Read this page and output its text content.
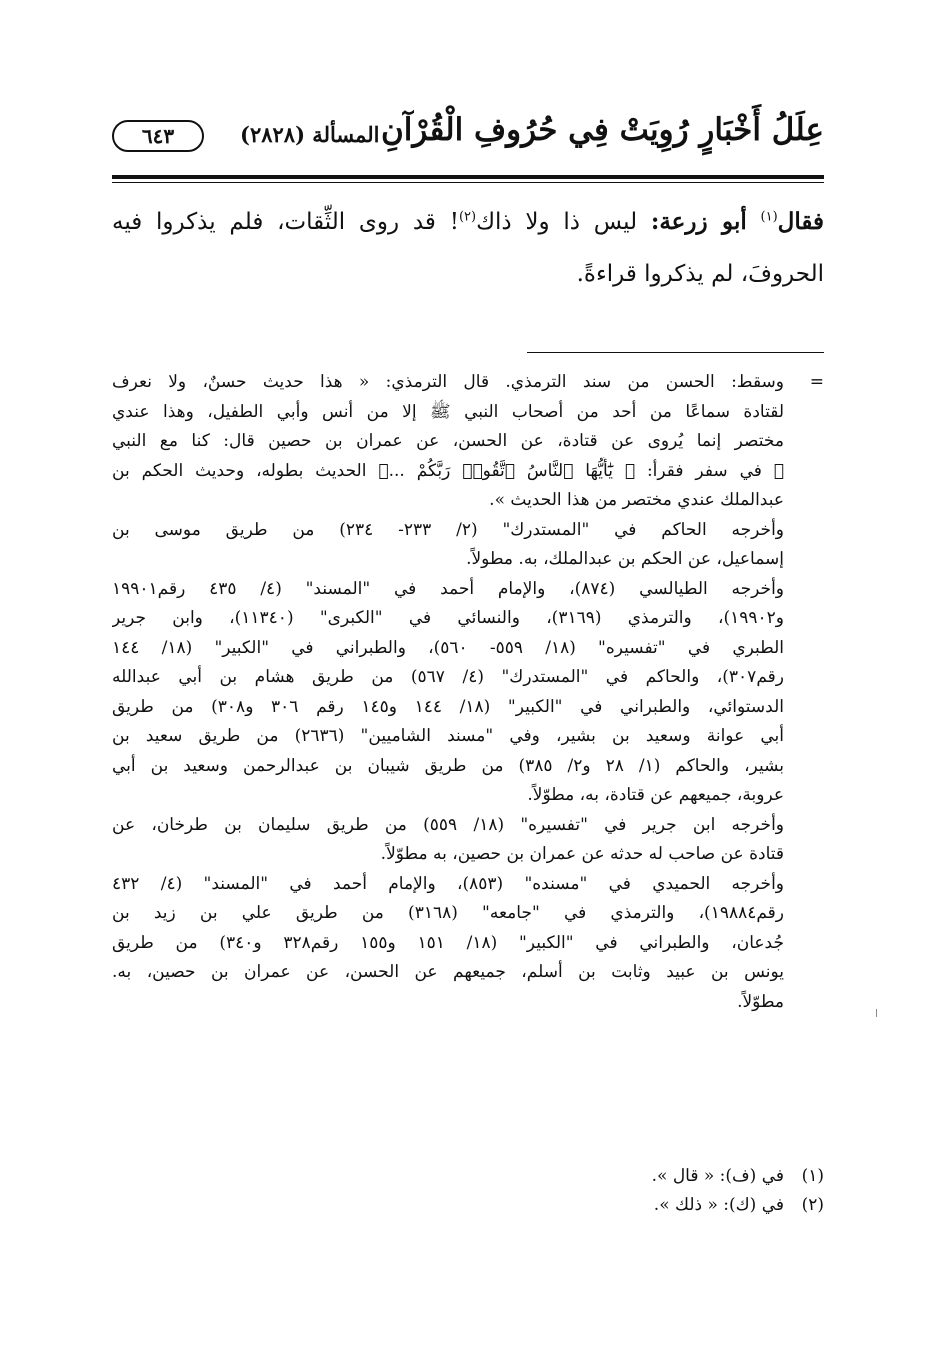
عِلَلُ أَخْبَارٍ رُوِيَتْ فِي حُرُوفِ الْقُرْآنِ
المسألة (٢٨٢٨)
٦٤٣
فقال$^{(١)}$ أبو زرعة: ليس ذا ولا ذاك$^{(٢)}$! قد روى الثِّقات، فلم يذكروا فيه الحروفَ، لم يذكروا قراءةً.
=
وسقط: الحسن من سند الترمذي. قال الترمذي: « هذا حديث حسنٌ، ولا نعرف
لقتادة سماعًا من أحد من أصحاب النبي ﷺ إلا من أنس وأبي الطفيل، وهذا عندي
مختصر إنما يُروى عن قتادة، عن الحسن، عن عمران بن حصين قال: كنا مع النبي
ﷺ في سفر فقرأ: ﴿ يَٰٓأَيُّهَا ٱلنَّاسُ ٱتَّقُوا۟ رَبَّكُمْ ...﴾ الحديث بطوله، وحديث الحكم بن
عبدالملك عندي مختصر من هذا الحديث ».
وأخرجه الحاكم في "المستدرك" (٢/ ٢٣٣- ٢٣٤) من طريق موسى بن
إسماعيل، عن الحكم بن عبدالملك، به. مطولاً.
وأخرجه الطيالسي (٨٧٤)، والإمام أحمد في "المسند" (٤/ ٤٣٥ رقم١٩٩٠١
و١٩٩٠٢)، والترمذي (٣١٦٩)، والنسائي في "الكبرى" (١١٣٤٠)، وابن جرير
الطبري في "تفسيره" (١٨/ ٥٥٩- ٥٦٠)، والطبراني في "الكبير" (١٨/ ١٤٤
رقم٣٠٧)، والحاكم في "المستدرك" (٤/ ٥٦٧) من طريق هشام بن أبي عبدالله
الدستوائي، والطبراني في "الكبير" (١٨/ ١٤٤ و١٤٥ رقم ٣٠٦ و٣٠٨) من طريق
أبي عوانة وسعيد بن بشير، وفي "مسند الشاميين" (٢٦٣٦) من طريق سعيد بن
بشير، والحاكم (١/ ٢٨ و٢/ ٣٨٥) من طريق شيبان بن عبدالرحمن وسعيد بن أبي
عروبة، جميعهم عن قتادة، به، مطوّلاً.
وأخرجه ابن جرير في "تفسيره" (١٨/ ٥٥٩) من طريق سليمان بن طرخان، عن
قتادة عن صاحب له حدثه عن عمران بن حصين، به مطوّلاً.
وأخرجه الحميدي في "مسنده" (٨٥٣)، والإمام أحمد في "المسند" (٤/ ٤٣٢
رقم١٩٨٨٤)، والترمذي في "جامعه" (٣١٦٨) من طريق علي بن زيد بن
جُدعان، والطبراني في "الكبير" (١٨/ ١٥١ و١٥٥ رقم٣٢٨ و٣٤٠) من طريق
يونس بن عبيد وثابت بن أسلم، جميعهم عن الحسن، عن عمران بن حصين، به.
مطوّلاً.
(١)في (ف): « قال ».
(٢)في (ك): « ذلك ».
